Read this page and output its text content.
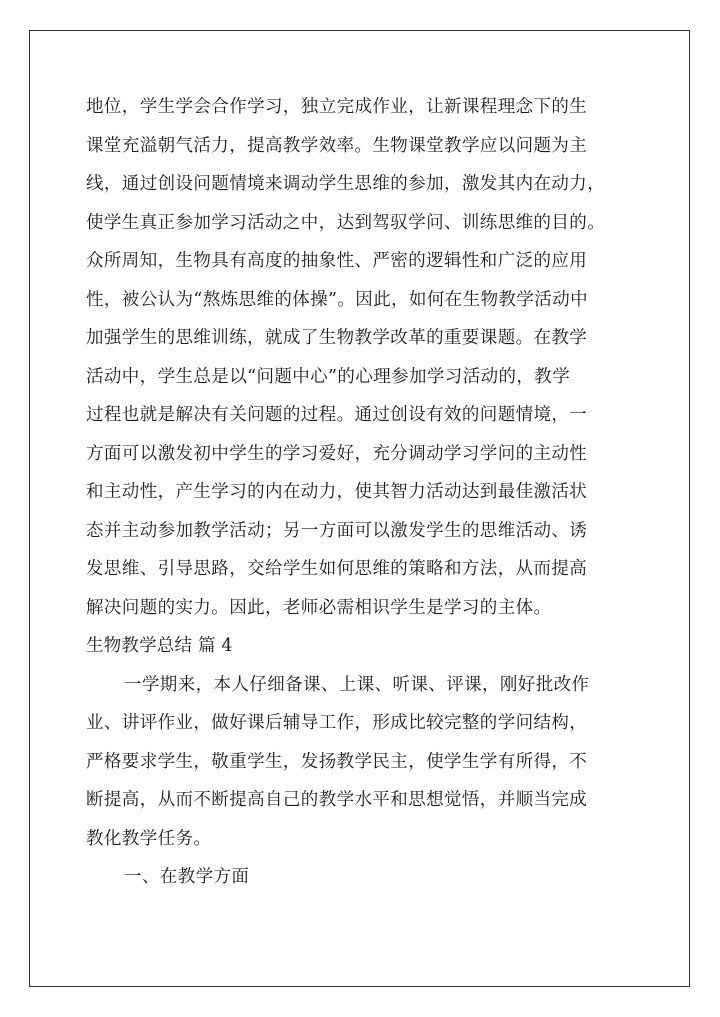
地位，学生学会合作学习，独立完成作业，让新课程理念下的生
课堂充溢朝气活力，提高教学效率。生物课堂教学应以问题为主
线，通过创设问题情境来调动学生思维的参加，激发其内在动力，
使学生真正参加学习活动之中，达到驾驭学问、训练思维的目的。
众所周知，生物具有高度的抽象性、严密的逻辑性和广泛的应用
性，被公认为“熬炼思维的体操”。因此，如何在生物教学活动中
加强学生的思维训练，就成了生物教学改革的重要课题。在教学
活动中，学生总是以“问题中心”的心理参加学习活动的，教学
过程也就是解决有关问题的过程。通过创设有效的问题情境，一
方面可以激发初中学生的学习爱好，充分调动学习学问的主动性
和主动性，产生学习的内在动力，使其智力活动达到最佳激活状
态并主动参加教学活动；另一方面可以激发学生的思维活动、诱
发思维、引导思路，交给学生如何思维的策略和方法，从而提高
解决问题的实力。因此，老师必需相识学生是学习的主体。
生物教学总结 篇 4
一学期来，本人仔细备课、上课、听课、评课，刚好批改作
业、讲评作业，做好课后辅导工作，形成比较完整的学问结构，
严格要求学生，敬重学生，发扬教学民主，使学生学有所得，不
断提高，从而不断提高自己的教学水平和思想觉悟，并顺当完成
教化教学任务。
一、在教学方面
